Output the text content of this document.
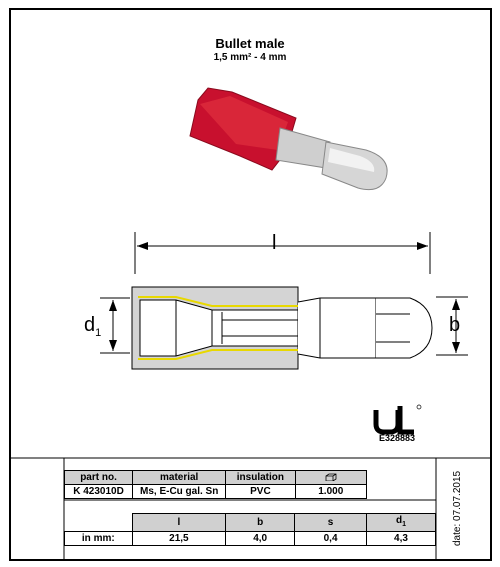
Bullet male
1,5 mm² - 4 mm
l
$d_1$	b
E328883
part no.	material	insulation	
K 423010D	Ms, E-Cu gal. Sn	PVC	1.000
	l	b	s	$d_1$
in mm:	21,5	4,0	0,4	4,3	date: 07.07.2015
